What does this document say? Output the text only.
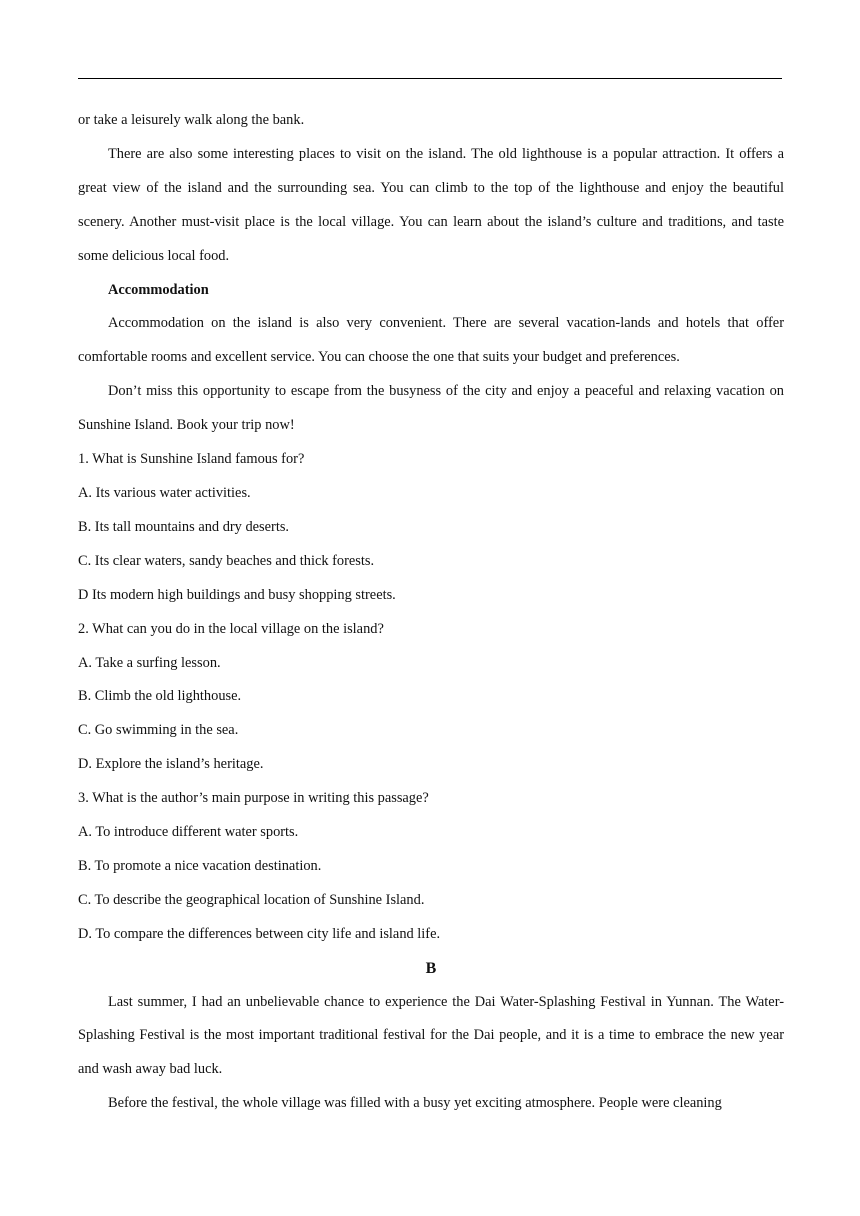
or take a leisurely walk along the bank.

There are also some interesting places to visit on the island. The old lighthouse is a popular attraction. It offers a great view of the island and the surrounding sea. You can climb to the top of the lighthouse and enjoy the beautiful scenery. Another must-visit place is the local village. You can learn about the island’s culture and traditions, and taste some delicious local food.

Accommodation

Accommodation on the island is also very convenient. There are several vacation-lands and hotels that offer comfortable rooms and excellent service. You can choose the one that suits your budget and preferences.

Don’t miss this opportunity to escape from the busyness of the city and enjoy a peaceful and relaxing vacation on Sunshine Island. Book your trip now!

1. What is Sunshine Island famous for?

A. Its various water activities.

B. Its tall mountains and dry deserts.

C. Its clear waters, sandy beaches and thick forests.

D Its modern high buildings and busy shopping streets.

2. What can you do in the local village on the island?

A. Take a surfing lesson.

B. Climb the old lighthouse.

C. Go swimming in the sea.

D. Explore the island’s heritage.

3. What is the author’s main purpose in writing this passage?

A. To introduce different water sports.

B. To promote a nice vacation destination.

C. To describe the geographical location of Sunshine Island.

D. To compare the differences between city life and island life.

B

Last summer, I had an unbelievable chance to experience the Dai Water-Splashing Festival in Yunnan. The Water-Splashing Festival is the most important traditional festival for the Dai people, and it is a time to embrace the new year and wash away bad luck.

Before the festival, the whole village was filled with a busy yet exciting atmosphere. People were cleaning
